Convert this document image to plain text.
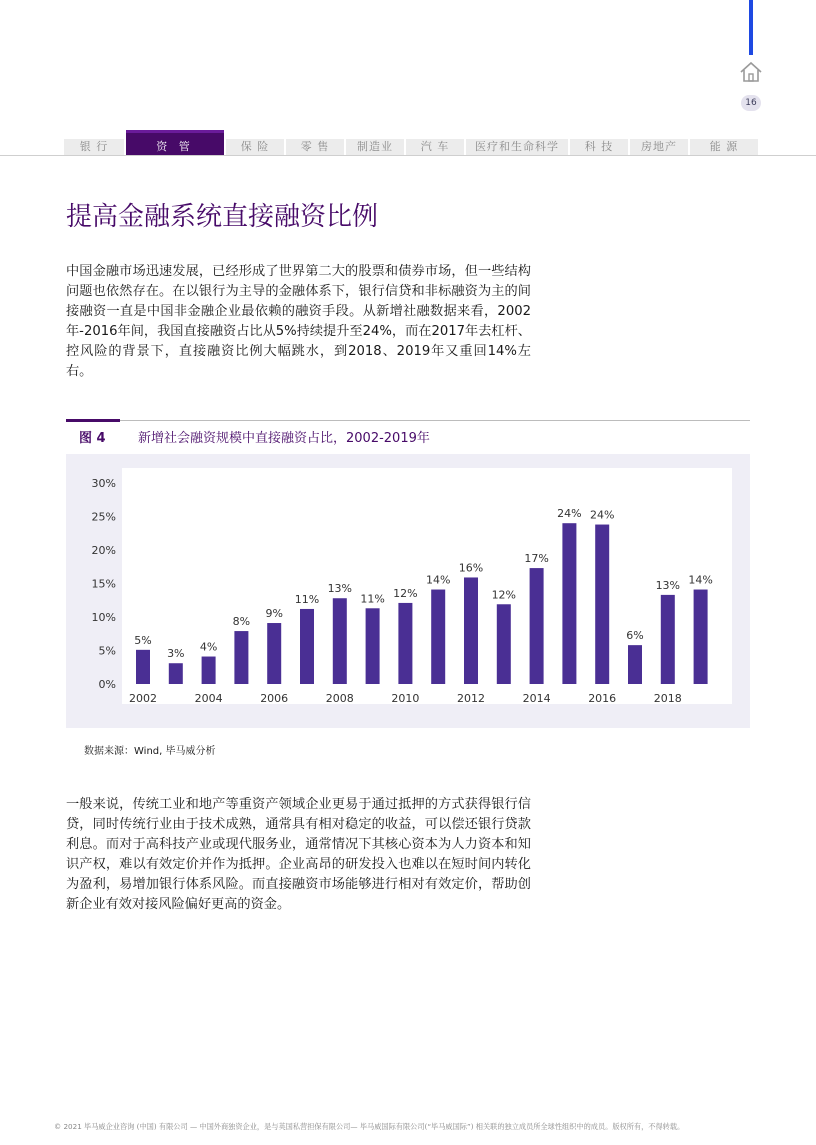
16
银 行	资 管	保 险	零 售	制造业	汽 车	医疗和生命科学	科 技	房地产	能 源
提高金融系统直接融资比例

中国金融市场迅速发展，已经形成了世界第二大的股票和债券市场，但一些结构问题也依然存在。在以银行为主导的金融体系下，银行信贷和非标融资为主的间接融资一直是中国非金融企业最依赖的融资手段。从新增社融数据来看，2002年-2016年间，我国直接融资占比从5%持续提升至24%，而在2017年去杠杆、控风险的背景下，直接融资比例大幅跳水，到2018、2019年又重回14%左右。

图 4 新增社会融资规模中直接融资占比，2002-2019年
0%
5%
10%
15%
20%
25%
30%
5%
3%
4%
8%
9%
11%
13%
11% 12%
14%
16%
12%
17%
24% 24%
6%
13% 14%
2002	2004	2006	2008	2010	2012	2014	2016	2018
数据来源：Wind, 毕马威分析

一般来说，传统工业和地产等重资产领域企业更易于通过抵押的方式获得银行信贷，同时传统行业由于技术成熟，通常具有相对稳定的收益，可以偿还银行贷款利息。而对于高科技产业或现代服务业，通常情况下其核心资本为人力资本和知识产权，难以有效定价并作为抵押。企业高昂的研发投入也难以在短时间内转化为盈利，易增加银行体系风险。而直接融资市场能够进行相对有效定价，帮助创新企业有效对接风险偏好更高的资金。

© 2021 毕马威企业咨询 (中国) 有限公司 — 中国外商独资企业，是与英国私营担保有限公司— 毕马威国际有限公司(“毕马威国际”) 相关联的独立成员所全球性组织中的成员。版权所有，不得转载。
